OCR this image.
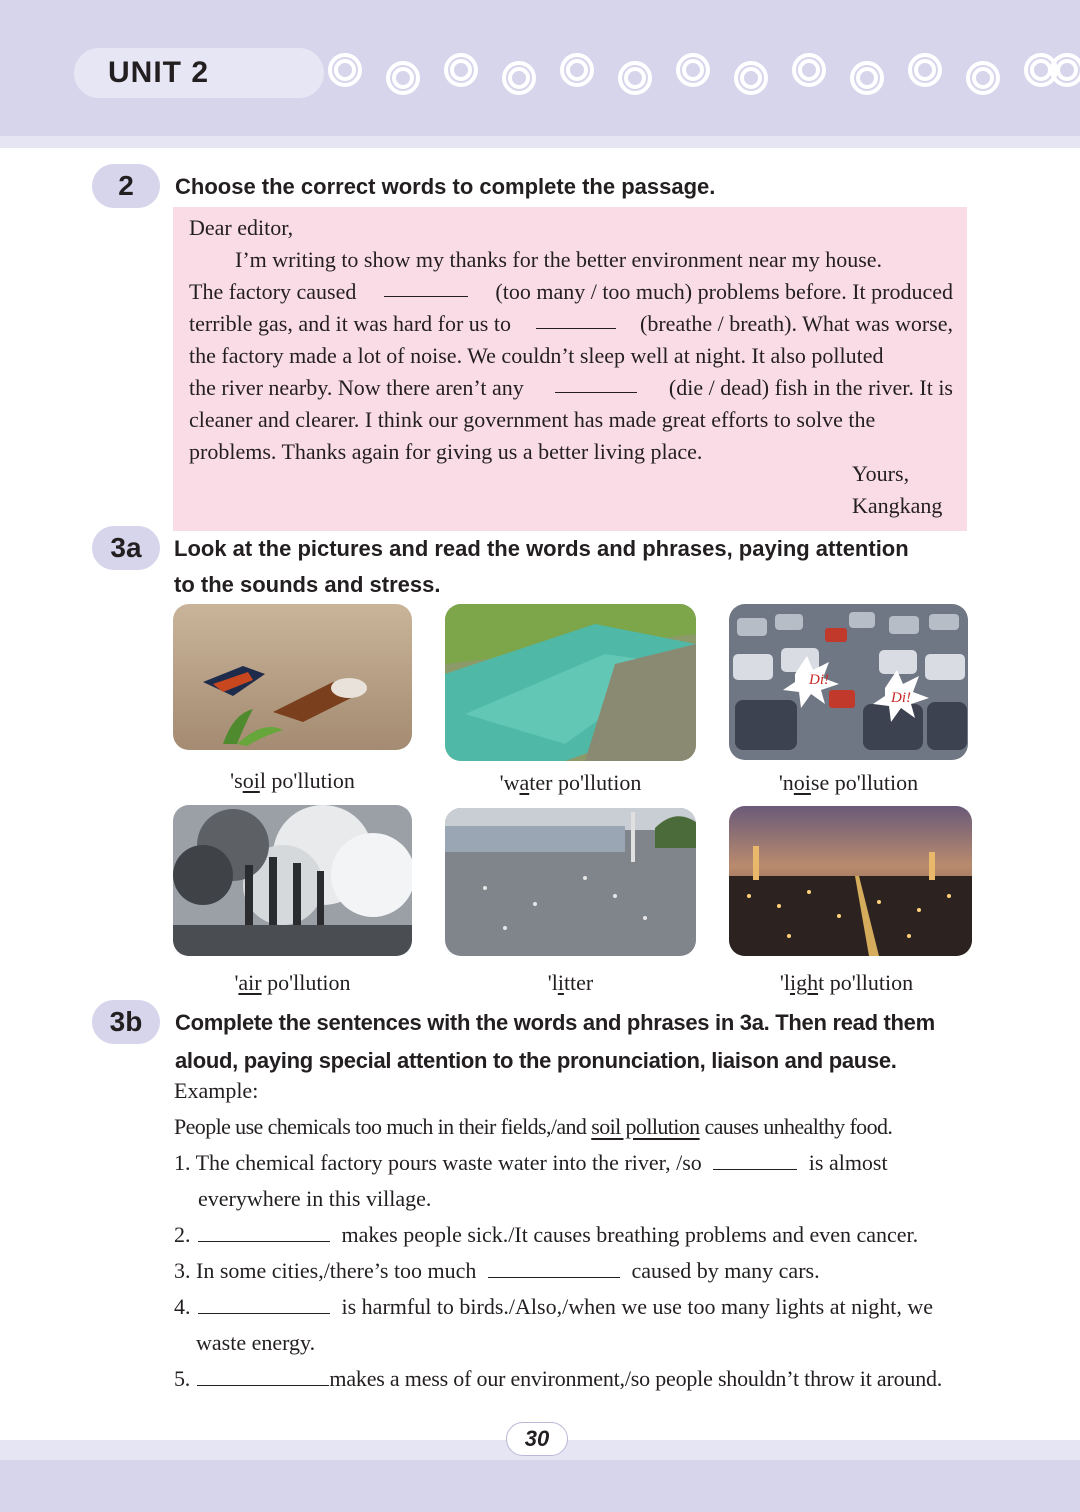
UNIT 2
2	Choose the correct words to complete the passage.
Dear editor,
I’m writing to show my thanks for the better environment near my house.
The factory caused	(too many / too much) problems before. It produced
terrible gas, and it was hard for us to	(breathe / breath). What was worse,
the factory made a lot of noise. We couldn’t sleep well at night. It also polluted
the river nearby. Now there aren’t any	(die / dead) fish in the river. It is
cleaner and clearer. I think our government has made great efforts to solve the
problems. Thanks again for giving us a better living place.
Yours,
Kangkang
3a	Look at the pictures and read the words and phrases, paying attention
to the sounds and stress.
Di!
Di!
'soil po'llution	'water po'llution	'noise po'llution
'air po'llution	'litter	'light po'llution
3b	Complete the sentences with the words and phrases in 3a. Then read them
aloud, paying special attention to the pronunciation, liaison and pause.
Example:
People use chemicals too much in their fields,/and soil pollution causes unhealthy food.
1. The chemical factory pours waste water into the river, /so	is almost
everywhere in this village.
2.	makes people sick./It causes breathing problems and even cancer.
3. In some cities,/there’s too much	caused by many cars.
4.	is harmful to birds./Also,/when we use too many lights at night, we
waste energy.
5.	makes a mess of our environment,/so people shouldn’t throw it around.
30
